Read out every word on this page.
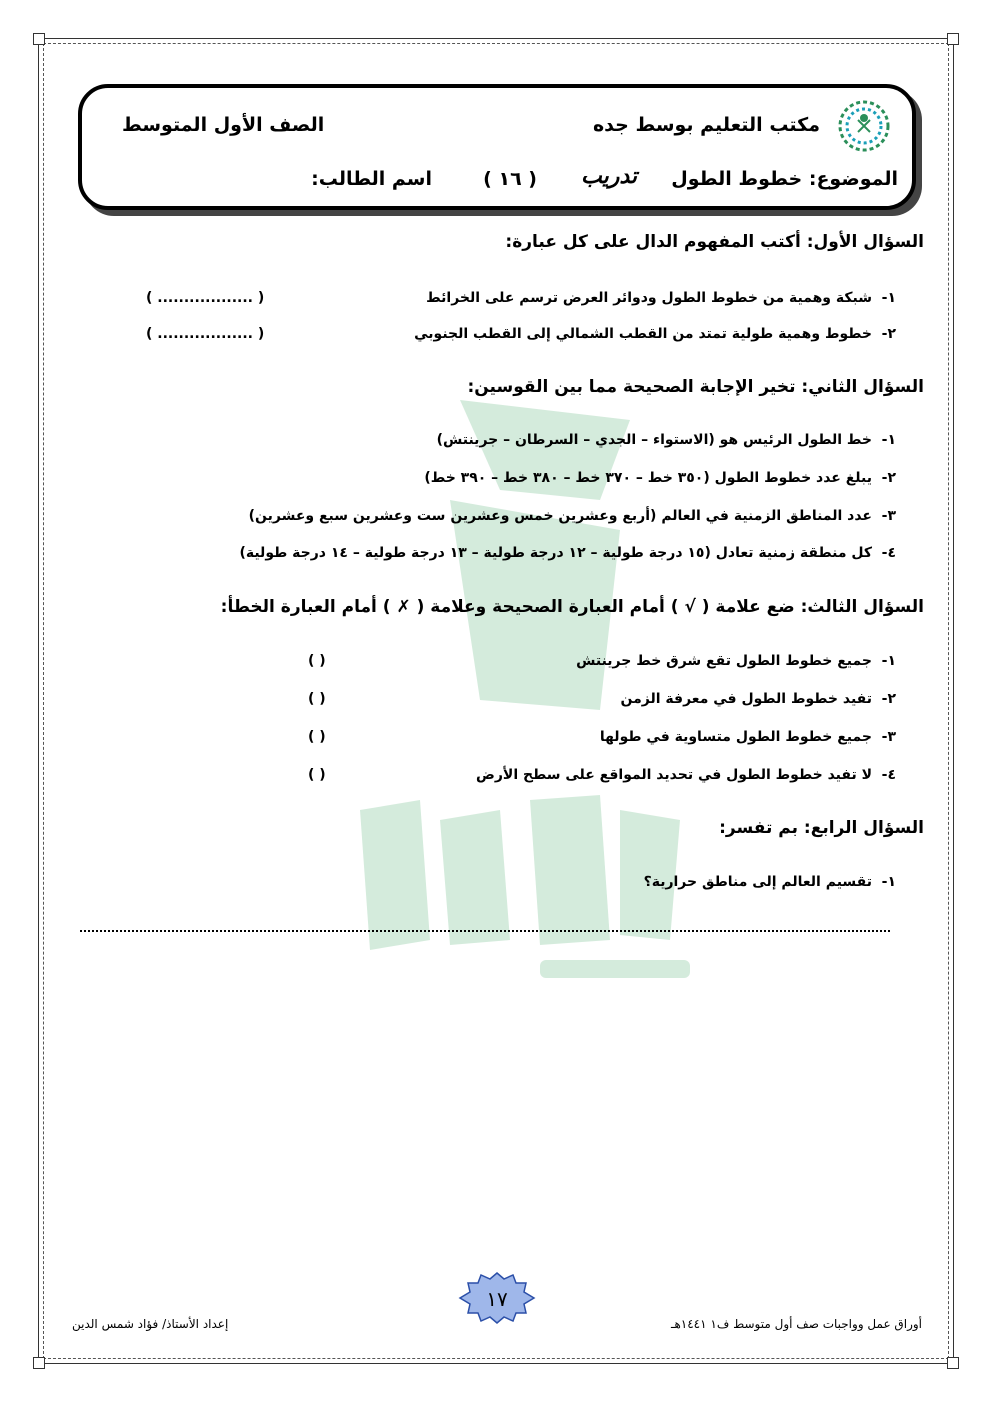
مكتب التعليم بوسط جده
الصف الأول المتوسط
الموضوع: خطوط الطول
تدريب
( ١٦ )
اسم الطالب:
السؤال الأول: أكتب المفهوم الدال على كل عبارة:
١-
شبكة وهمية من خطوط الطول ودوائر العرض ترسم على الخرائط
( .................. )
٢-
خطوط وهمية طولية تمتد من القطب الشمالي إلى القطب الجنوبي
( .................. )
السؤال الثاني: تخير الإجابة الصحيحة مما بين القوسين:
١-
خط الطول الرئيس هو (الاستواء – الجدي – السرطان – جرينتش)
٢-
يبلغ عدد خطوط الطول (٣٥٠ خط – ٣٧٠ خط – ٣٨٠ خط – ٣٩٠ خط)
٣-
عدد المناطق الزمنية في العالم (أربع وعشرين خمس وعشرين ست وعشرين سبع وعشرين)
٤-
كل منطقة زمنية تعادل (١٥ درجة طولية – ١٢ درجة طولية – ١٣ درجة طولية – ١٤ درجة طولية)
السؤال الثالث: ضع علامة ( √ ) أمام العبارة الصحيحة وعلامة ( ✗ ) أمام العبارة الخطأ:
١-
جميع خطوط الطول تقع شرق خط جرينتش
( )
٢-
تفيد خطوط الطول في معرفة الزمن
( )
٣-
جميع خطوط الطول متساوية في طولها
( )
٤-
لا تفيد خطوط الطول في تحديد المواقع على سطح الأرض
( )
السؤال الرابع: بم تفسر:
١-
تقسيم العالم إلى مناطق حرارية؟
١٧
أوراق عمل وواجبات صف أول متوسط ف١ ١٤٤١هـ
إعداد الأستاذ/ فؤاد شمس الدين
